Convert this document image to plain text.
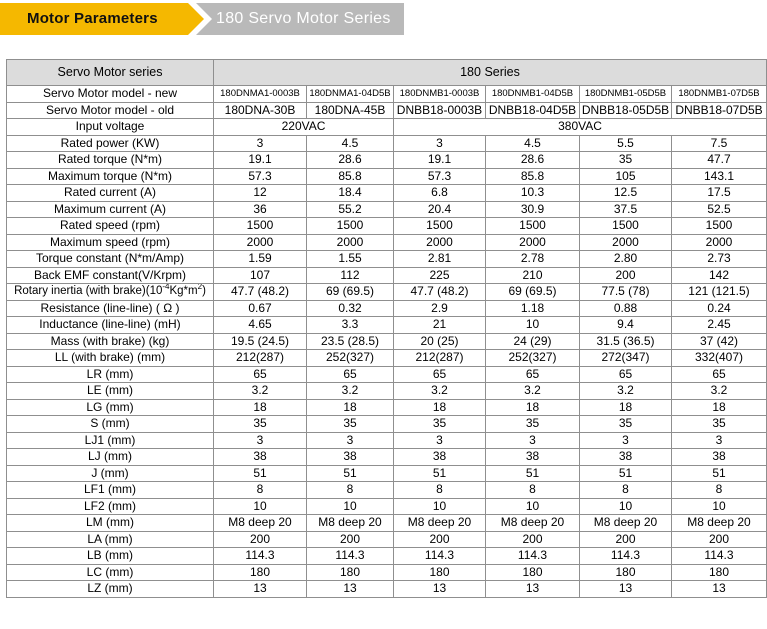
Motor Parameters	180 Servo Motor Series
Servo Motor series	180 Series					
Servo Motor model - new	180DNMA1-0003B	180DNMA1-04D5B	180DNMB1-0003B	180DNMB1-04D5B	180DNMB1-05D5B	180DNMB1-07D5B
Servo Motor model - old	180DNA-30B	180DNA-45B	DNBB18-0003B	DNBB18-04D5B	DNBB18-05D5B	DNBB18-07D5B
Input voltage	220VAC		380VAC			
Rated power (KW)	3	4.5	3	4.5	5.5	7.5
Rated torque (N*m)	19.1	28.6	19.1	28.6	35	47.7
Maximum torque (N*m)	57.3	85.8	57.3	85.8	105	143.1
Rated current (A)	12	18.4	6.8	10.3	12.5	17.5
Maximum current (A)	36	55.2	20.4	30.9	37.5	52.5
Rated speed (rpm)	1500	1500	1500	1500	1500	1500
Maximum speed (rpm)	2000	2000	2000	2000	2000	2000
Torque constant (N*m/Amp)	1.59	1.55	2.81	2.78	2.80	2.73
Back EMF constant(V/Krpm)	107	112	225	210	200	142
Rotary inertia (with $brake)(10^{-4}Kg*m^2)$	47.7 (48.2)	69 (69.5)	47.7 (48.2)	69 (69.5)	77.5 (78)	121 (121.5)
Resistance (line-line) ( Ω )	0.67	0.32	2.9	1.18	0.88	0.24
Inductance (line-line) (mH)	4.65	3.3	21	10	9.4	2.45
Mass (with brake) (kg)	19.5 (24.5)	23.5 (28.5)	20 (25)	24 (29)	31.5 (36.5)	37 (42)
LL (with brake) (mm)	212(287)	252(327)	212(287)	252(327)	272(347)	332(407)
LR (mm)	65	65	65	65	65	65
LE (mm)	3.2	3.2	3.2	3.2	3.2	3.2
LG (mm)	18	18	18	18	18	18
S (mm)	35	35	35	35	35	35
LJ1 (mm)	3	3	3	3	3	3
LJ (mm)	38	38	38	38	38	38
J (mm)	51	51	51	51	51	51
LF1 (mm)	8	8	8	8	8	8
LF2 (mm)	10	10	10	10	10	10
LM (mm)	M8 deep 20	M8 deep 20	M8 deep 20	M8 deep 20	M8 deep 20	M8 deep 20
LA (mm)	200	200	200	200	200	200
LB (mm)	114.3	114.3	114.3	114.3	114.3	114.3
LC (mm)	180	180	180	180	180	180
LZ (mm)	13	13	13	13	13	13
